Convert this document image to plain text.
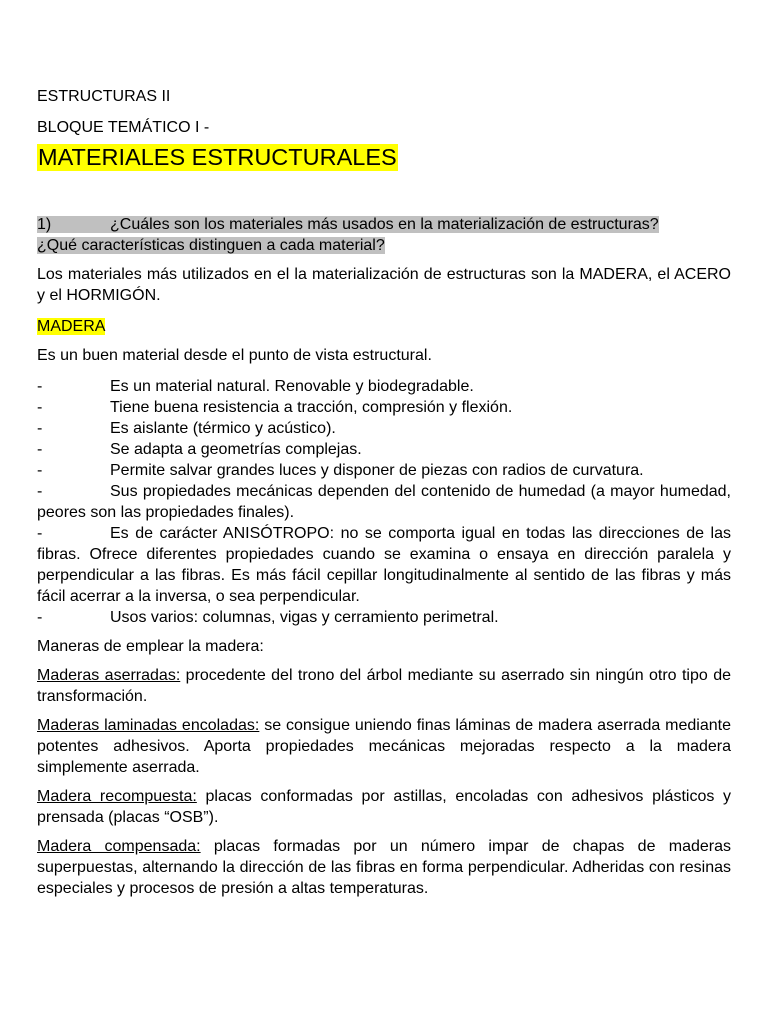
ESTRUCTURAS II
BLOQUE TEMÁTICO I -
MATERIALES ESTRUCTURALES
1)	¿Cuáles son los materiales más usados en la materialización de estructuras?
¿Qué características distinguen a cada material?

Los materiales más utilizados en el la materialización de estructuras son la MADERA, el ACERO y el HORMIGÓN.

MADERA

Es un buen material desde el punto de vista estructural.

-	Es un material natural. Renovable y biodegradable.
-	Tiene buena resistencia a tracción, compresión y flexión.
-	Es aislante (térmico y acústico).
-	Se adapta a geometrías complejas.
-	Permite salvar grandes luces y disponer de piezas con radios de curvatura.
-	Sus propiedades mecánicas dependen del contenido de humedad (a mayor humedad, peores son las propiedades finales).
-	Es de carácter ANISÓTROPO: no se comporta igual en todas las direcciones de las fibras. Ofrece diferentes propiedades cuando se examina o ensaya en dirección paralela y perpendicular a las fibras. Es más fácil cepillar longitudinalmente al sentido de las fibras y más fácil acerrar a la inversa, o sea perpendicular.
-	Usos varios: columnas, vigas y cerramiento perimetral.

Maneras de emplear la madera:

Maderas aserradas: procedente del trono del árbol mediante su aserrado sin ningún otro tipo de transformación.

Maderas laminadas encoladas: se consigue uniendo finas láminas de madera aserrada mediante potentes adhesivos. Aporta propiedades mecánicas mejoradas respecto a la madera simplemente aserrada.

Madera recompuesta: placas conformadas por astillas, encoladas con adhesivos plásticos y prensada (placas “OSB”).

Madera compensada: placas formadas por un número impar de chapas de maderas superpuestas, alternando la dirección de las fibras en forma perpendicular. Adheridas con resinas especiales y procesos de presión a altas temperaturas.
